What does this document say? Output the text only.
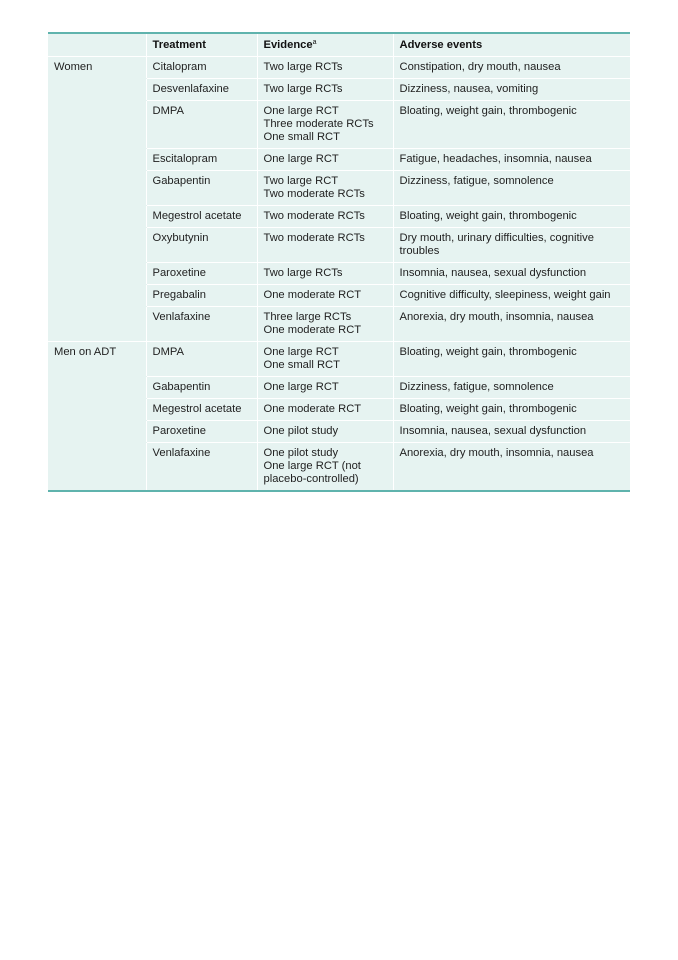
	Treatment	Evidence$^a$	Adverse events
Women	Citalopram	Two large RCTs	Constipation, dry mouth, nausea
	Desvenlafaxine	Two large RCTs	Dizziness, nausea, vomiting
	DMPA	One large RCT
Three moderate RCTs
One small RCT	Bloating, weight gain, thrombogenic
	Escitalopram	One large RCT	Fatigue, headaches, insomnia, nausea
	Gabapentin	Two large RCT
Two moderate RCTs	Dizziness, fatigue, somnolence
	Megestrol acetate	Two moderate RCTs	Bloating, weight gain, thrombogenic
	Oxybutynin	Two moderate RCTs	Dry mouth, urinary difficulties, cognitive troubles
	Paroxetine	Two large RCTs	Insomnia, nausea, sexual dysfunction
	Pregabalin	One moderate RCT	Cognitive difficulty, sleepiness, weight gain
	Venlafaxine	Three large RCTs
One moderate RCT	Anorexia, dry mouth, insomnia, nausea
Men on ADT	DMPA	One large RCT
One small RCT	Bloating, weight gain, thrombogenic
	Gabapentin	One large RCT	Dizziness, fatigue, somnolence
	Megestrol acetate	One moderate RCT	Bloating, weight gain, thrombogenic
	Paroxetine	One pilot study	Insomnia, nausea, sexual dysfunction
	Venlafaxine	One pilot study
One large RCT (not
placebo-controlled)	Anorexia, dry mouth, insomnia, nausea
